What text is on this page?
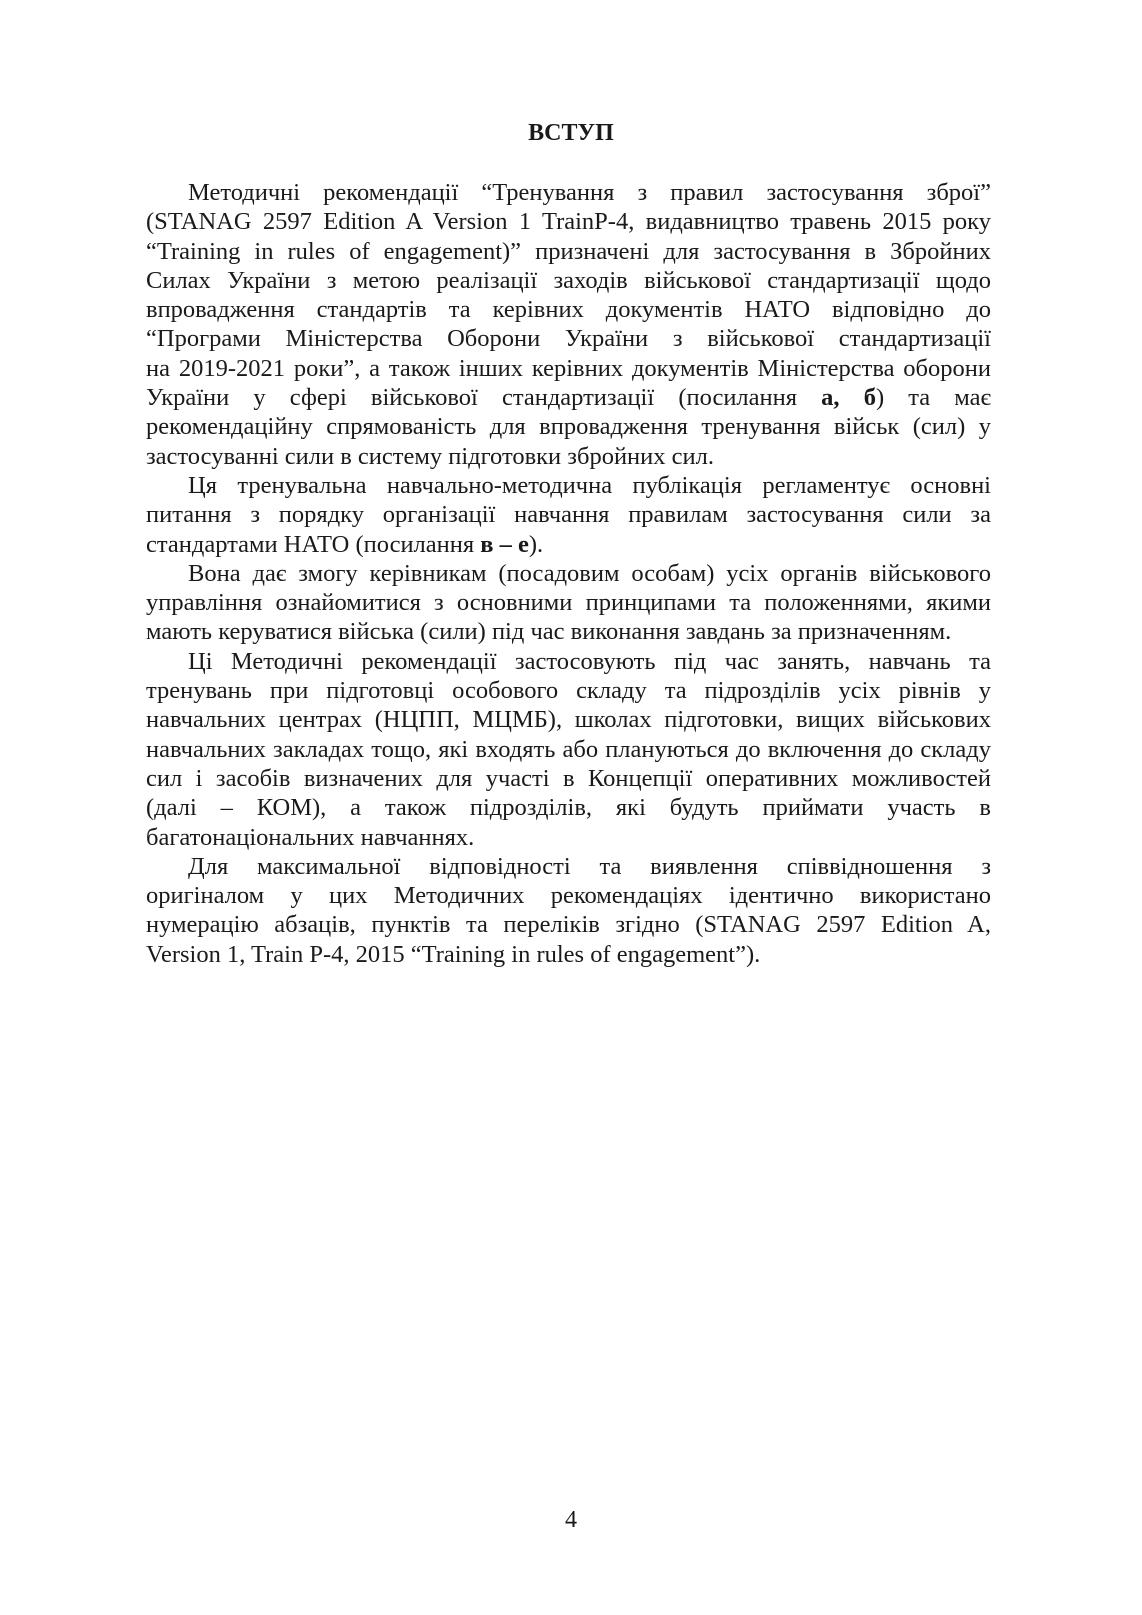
ВСТУП

Методичні рекомендації “Тренування з правил застосування зброї”
(STANAG 2597 Edition A Version 1 TrainP-4, видавництво травень 2015 року
“Training in rules of engagement)” призначені для застосування в Збройних
Силах України з метою реалізації заходів військової стандартизації щодо
впровадження стандартів та керівних документів НАТО відповідно до
“Програми Міністерства Оборони України з військової стандартизації
на 2019-2021 роки”, а також інших керівних документів Міністерства оборони
України у сфері військової стандартизації (посилання а, б) та має
рекомендаційну спрямованість для впровадження тренування військ (сил) у
застосуванні сили в систему підготовки збройних сил.

Ця тренувальна навчально-методична публікація регламентує основні
питання з порядку організації навчання правилам застосування сили за
стандартами НАТО (посилання в – е).

Вона дає змогу керівникам (посадовим особам) усіх органів військового
управління ознайомитися з основними принципами та положеннями, якими
мають керуватися війська (сили) під час виконання завдань за призначенням.

Ці Методичні рекомендації застосовують під час занять, навчань та
тренувань при підготовці особового складу та підрозділів усіх рівнів у
навчальних центрах (НЦПП, МЦМБ), школах підготовки, вищих військових
навчальних закладах тощо, які входять або плануються до включення до складу
сил і засобів визначених для участі в Концепції оперативних можливостей
(далі – КОМ), а також підрозділів, які будуть приймати участь в
багатонаціональних навчаннях.

Для максимальної відповідності та виявлення співвідношення з
оригіналом у цих Методичних рекомендаціях ідентично використано
нумерацію абзаців, пунктів та переліків згідно (STANAG 2597 Edition A,
Version 1, Train P-4, 2015 “Training in rules of engagement”).

4
